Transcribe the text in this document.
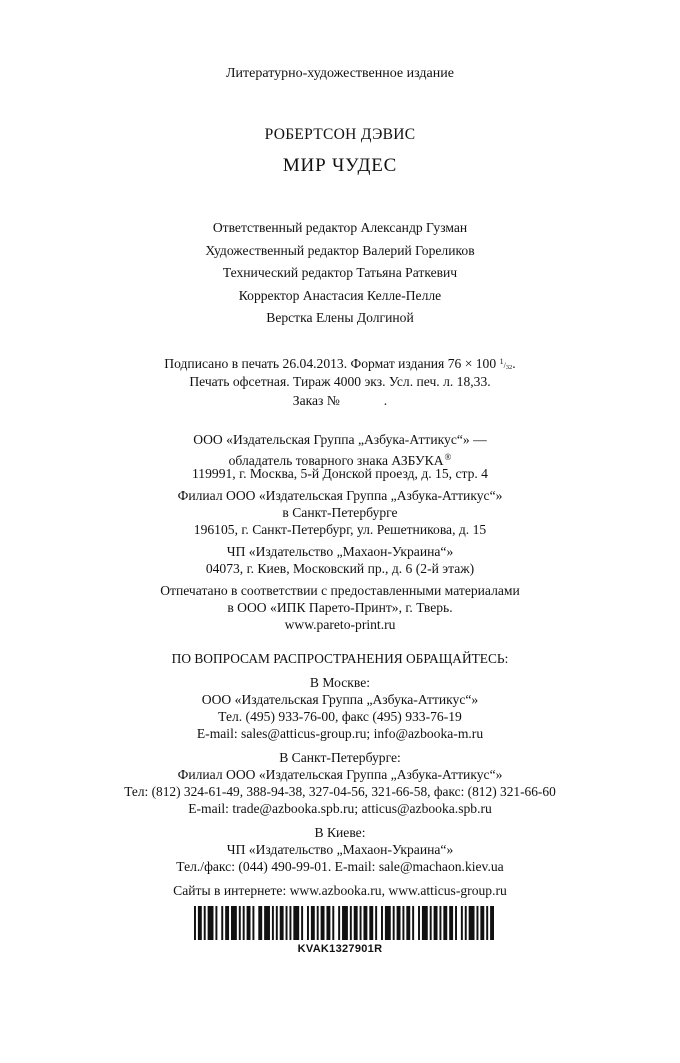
Литературно-художественное издание
РОБЕРТСОН ДЭВИС
МИР ЧУДЕС
Ответственный редактор Александр Гузман
Художественный редактор Валерий Гореликов
Технический редактор Татьяна Раткевич
Корректор Анастасия Келле-Пелле
Верстка Елены Долгиной
Подписано в печать 26.04.2013. Формат издания 76 × 100 $^1/_{32}$.
Печать офсетная. Тираж 4000 экз. Усл. печ. л. 18,33.
Заказ №	.
ООО «Издательская Группа „Азбука-Аттикус“» —
обладатель товарного знака АЗБУКА®
119991, г. Москва, 5-й Донской проезд, д. 15, стр. 4
Филиал ООО «Издательская Группа „Азбука-Аттикус“»
в Санкт-Петербурге
196105, г. Санкт-Петербург, ул. Решетникова, д. 15
ЧП «Издательство „Махаон-Украина“»
04073, г. Киев, Московский пр., д. 6 (2-й этаж)
Отпечатано в соответствии с предоставленными материалами
в ООО «ИПК Парето-Принт», г. Тверь.
www.pareto-print.ru
ПО ВОПРОСАМ РАСПРОСТРАНЕНИЯ ОБРАЩАЙТЕСЬ:
В Москве:
ООО «Издательская Группа „Азбука-Аттикус“»
Тел. (495) 933-76-00, факс (495) 933-76-19
E-mail: sales@atticus-group.ru; info@azbooka-m.ru
В Санкт-Петербурге:
Филиал ООО «Издательская Группа „Азбука-Аттикус“»
Тел: (812) 324-61-49, 388-94-38, 327-04-56, 321-66-58, факс: (812) 321-66-60
E-mail: trade@azbooka.spb.ru; atticus@azbooka.spb.ru
В Киеве:
ЧП «Издательство „Махаон-Украина“»
Тел./факс: (044) 490-99-01. E-mail: sale@machaon.kiev.ua
Сайты в интернете: www.azbooka.ru, www.atticus-group.ru
KVAK1327901R
